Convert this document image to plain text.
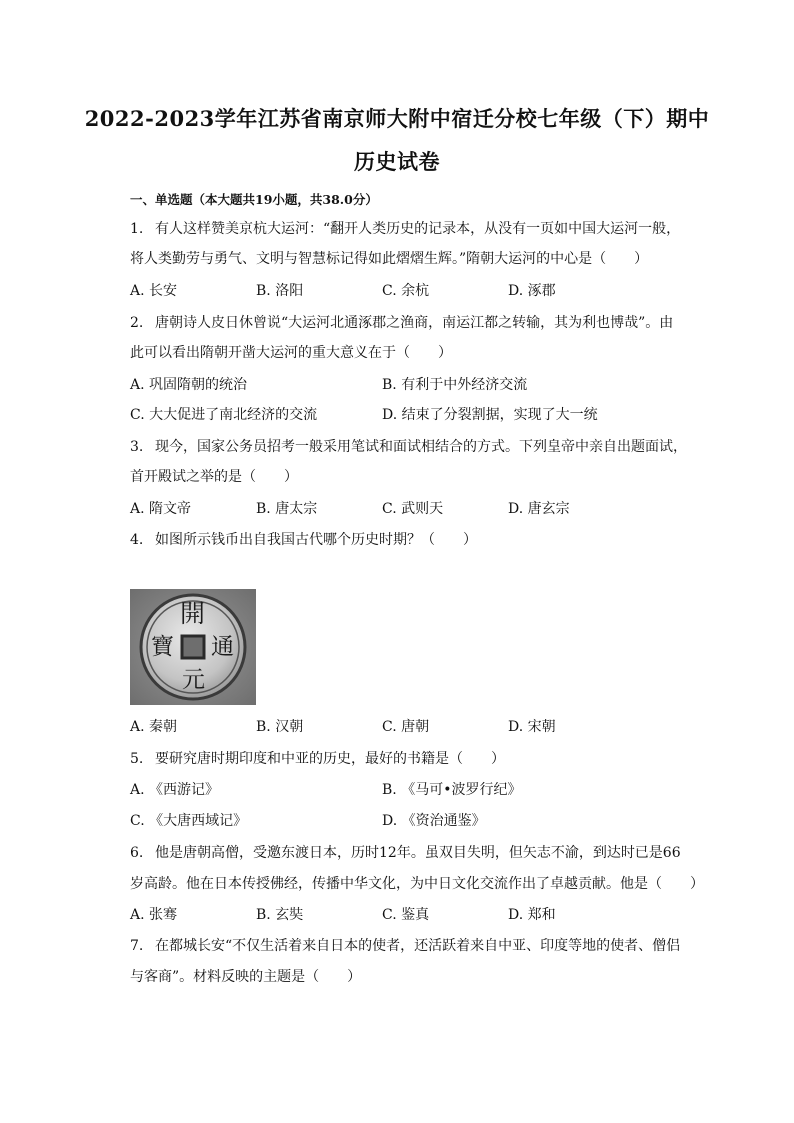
2022-2023学年江苏省南京师大附中宿迁分校七年级（下）期中
历史试卷
一、单选题（本大题共19小题，共38.0分）
1. 有人这样赞美京杭大运河：“翻开人类历史的记录本，从没有一页如中国大运河一般，
将人类勤劳与勇气、文明与智慧标记得如此熠熠生辉。”隋朝大运河的中心是（　　）
A. 长安	B. 洛阳	C. 余杭	D. 涿郡
2. 唐朝诗人皮日休曾说“大运河北通涿郡之渔商，南运江都之转输，其为利也博哉”。由
此可以看出隋朝开凿大运河的重大意义在于（　　）
A. 巩固隋朝的统治	B. 有利于中外经济交流
C. 大大促进了南北经济的交流	D. 结束了分裂割据，实现了大一统
3. 现今，国家公务员招考一般采用笔试和面试相结合的方式。下列皇帝中亲自出题面试，
首开殿试之举的是（　　）
A. 隋文帝	B. 唐太宗	C. 武则天	D. 唐玄宗
4. 如图所示钱币出自我国古代哪个历史时期？（　　）
開
通
元
寶
A. 秦朝	B. 汉朝	C. 唐朝	D. 宋朝
5. 要研究唐时期印度和中亚的历史，最好的书籍是（　　）
A. 《西游记》	B. 《马可•波罗行纪》
C. 《大唐西域记》	D. 《资治通鉴》
6. 他是唐朝高僧，受邀东渡日本，历时12年。虽双目失明，但矢志不渝，到达时已是66
岁高龄。他在日本传授佛经，传播中华文化，为中日文化交流作出了卓越贡献。他是（　　）
A. 张骞	B. 玄奘	C. 鉴真	D. 郑和
7. 在都城长安“不仅生活着来自日本的使者，还活跃着来自中亚、印度等地的使者、僧侣
与客商”。材料反映的主题是（　　）
